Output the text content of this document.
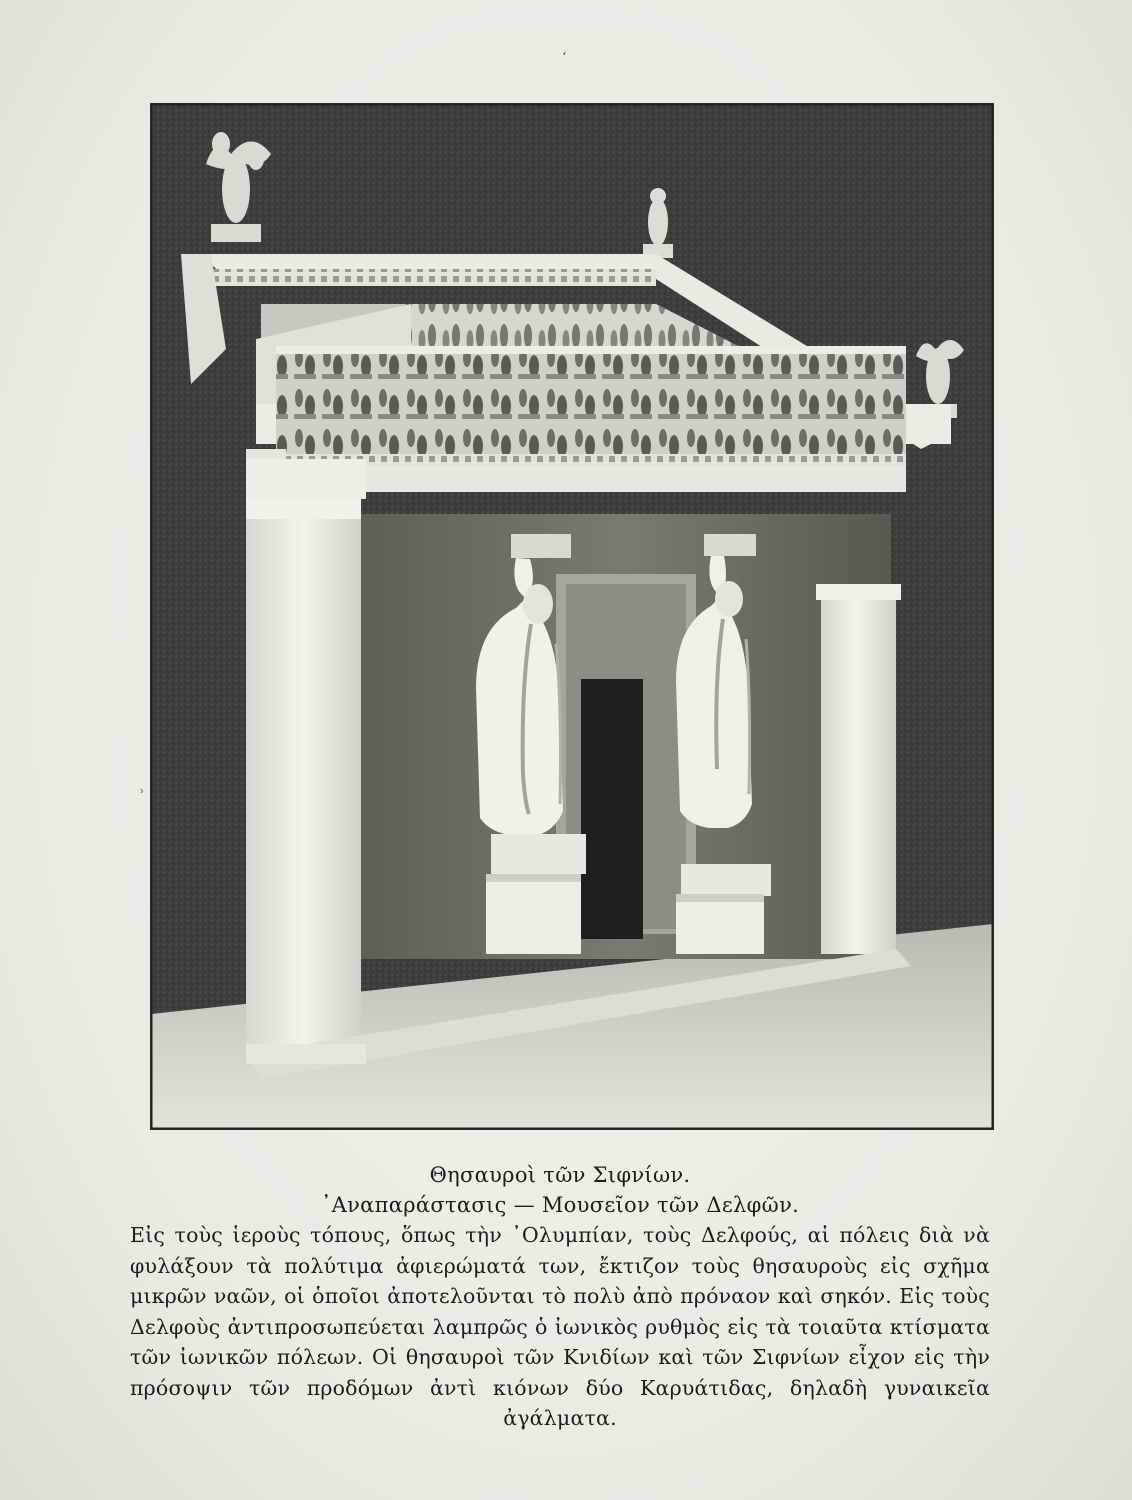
ʻ
ʾ
Θησαυροὶ τῶν Σιφνίων.
᾿Αναπαράστασις — Μουσεῖον τῶν Δελφῶν.
Εἰς τοὺς ἱεροὺς τόπους, ὅπως τὴν ᾿Ολυμπίαν, τοὺς Δελφούς, αἱ πόλεις διὰ νὰ φυλάξουν τὰ πολύτιμα ἀφιερώματά των, ἔκτιζον τοὺς θησαυροὺς εἰς σχῆμα μικρῶν ναῶν, οἱ ὁποῖοι ἀποτελοῦνται τὸ πολὺ ἀπὸ πρόναον καὶ σηκόν. Εἰς τοὺς Δελφοὺς ἀντιπροσωπεύεται λαμπρῶς ὁ ἰωνικὸς ρυθμὸς εἰς τὰ τοιαῦτα κτίσματα τῶν ἰωνικῶν πόλεων. Οἱ θησαυροὶ τῶν Κνιδίων καὶ τῶν Σιφνίων εἶχον εἰς τὴν πρόσοψιν τῶν προδόμων ἀντὶ κιόνων δύο Καρυάτιδας, δηλαδὴ γυναικεῖα ἀγάλματα.
